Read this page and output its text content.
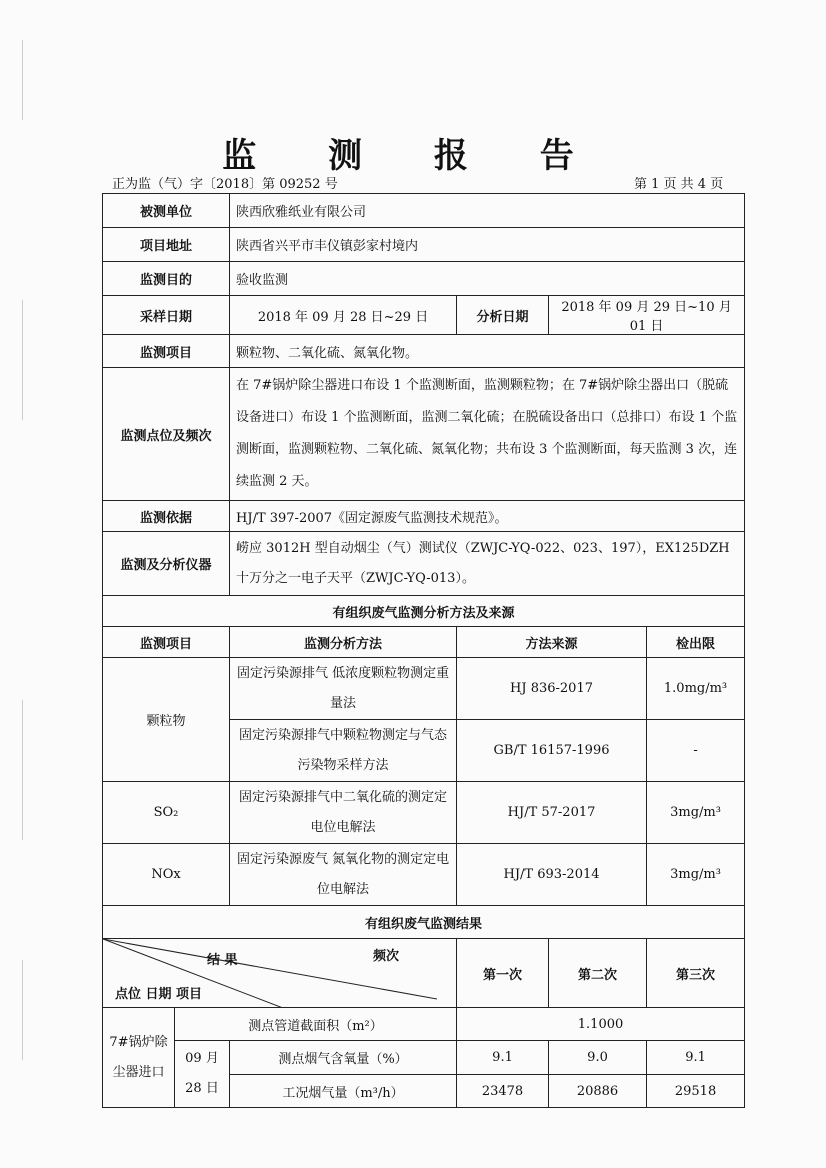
监 测 报 告
正为监（气）字〔2018〕第 09252 号	第 1 页 共 4 页
被测单位		陕西欣雅纸业有限公司			
项目地址		陕西省兴平市丰仪镇彭家村境内			
监测目的		验收监测			
采样日期		2018 年 09 月 28 日~29 日	分析日期	2018 年 09 月 29 日~10 月 01 日	
监测项目		颗粒物、二氧化硫、氮氧化物。			
监测点位及频次		在 7#锅炉除尘器进口布设 1 个监测断面，监测颗粒物；在 7#锅炉除尘器出口（脱硫设备进口）布设 1 个监测断面，监测二氧化硫；在脱硫设备出口（总排口）布设 1 个监测断面，监测颗粒物、二氧化硫、氮氧化物；共布设 3 个监测断面，每天监测 3 次，连续监测 2 天。			
监测依据		HJ/T 397-2007《固定源废气监测技术规范》。			
监测及分析仪器		崂应 3012H 型自动烟尘（气）测试仪（ZWJC-YQ-022、023、197），EX125DZH 十万分之一电子天平（ZWJC-YQ-013）。			
有组织废气监测分析方法及来源					
监测项目		监测分析方法	方法来源		检出限
颗粒物		固定污染源排气 低浓度颗粒物测定重量法	HJ 836-2017		1.0mg/m³
		固定污染源排气中颗粒物测定与气态污染物采样方法	GB/T 16157-1996		-
SO₂		固定污染源排气中二氧化硫的测定定电位电解法	HJ/T 57-2017		3mg/m³
NOx		固定污染源废气 氮氧化物的测定定电位电解法	HJ/T 693-2014		3mg/m³
有组织废气监测结果					

结 果 频次
点位 日期 项目			第一次	第二次	第三次
7#锅炉除尘器进口	测点管道截面积（m²）		1.1000		
	09 月 28 日	测点烟气含氧量（%）	9.1	9.0	9.1
		工况烟气量（m³/h）	23478	20886	29518
